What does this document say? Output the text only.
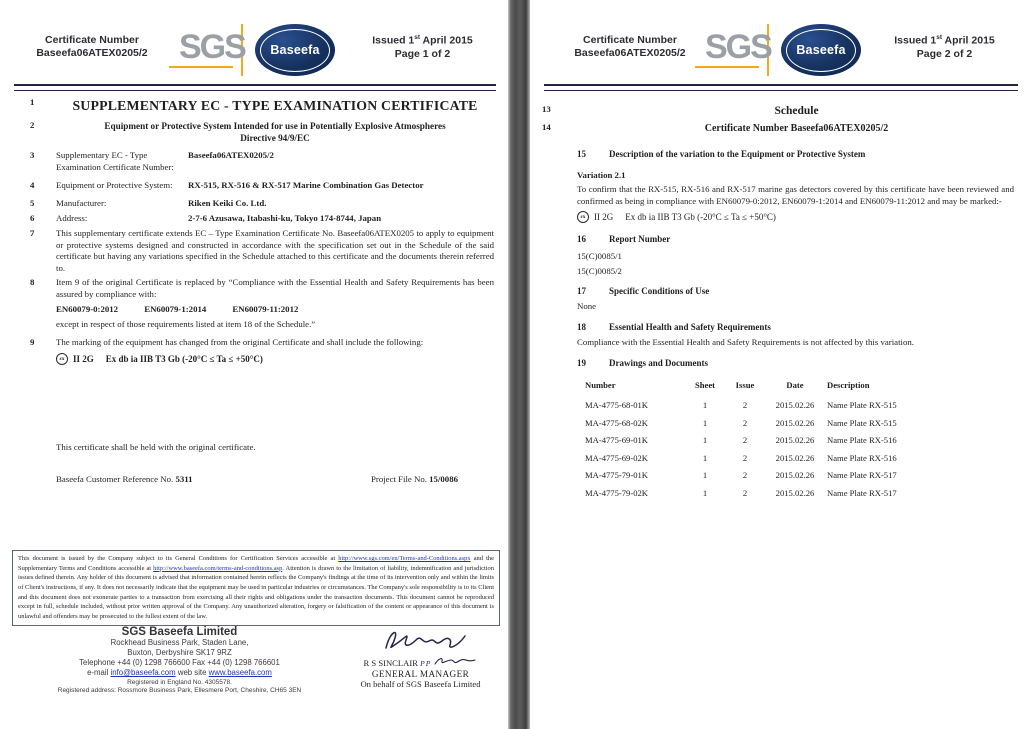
Certificate Number
Baseefa06ATEX0205/2 SGS Baseefa
Issued 1st April 2015
Page 1 of 2
1	SUPPLEMENTARY EC - TYPE EXAMINATION CERTIFICATE
2	Equipment or Protective System Intended for use in Potentially Explosive Atmospheres
Directive 94/9/EC
3	Supplementary EC - Type Examination Certificate Number:
Baseefa06ATEX0205/2
4	Equipment or Protective System:	RX-515, RX-516 & RX-517 Marine Combination Gas Detector
5	Manufacturer:	Riken Keiki Co. Ltd.
6	Address:	2-7-6 Azusawa, Itabashi-ku, Tokyo 174-8744, Japan
7	This supplementary certificate extends EC – Type Examination Certificate No. Baseefa06ATEX0205 to apply to equipment or protective systems designed and constructed in accordance with the specification set out in the Schedule of the said certificate but having any variations specified in the Schedule attached to this certificate and the documents therein referred to.
8	Item 9 of the original Certificate is replaced by “Compliance with the Essential Health and Safety Requirements has been assured by compliance with:
EN60079-0:2012	EN60079-1:2014	EN60079-11:2012
except in respect of those requirements listed at item 18 of the Schedule.”
9	The marking of the equipment has changed from the original Certificate and shall include the following:
εx II 2G Ex db ia IIB T3 Gb (-20°C ≤ Ta ≤ +50°C)
This certificate shall be held with the original certificate.
Baseefa Customer Reference No. 5311	Project File No. 15/0086
This document is issued by the Company subject to its General Conditions for Certification Services accessible at http://www.sgs.com/en/Terms-and-Conditions.aspx and the Supplementary Terms and Conditions accessible at http://www.baseefa.com/terms-and-conditions.asp. Attention is drawn to the limitation of liability, indemnification and jurisdiction issues defined therein. Any holder of this document is advised that information contained herein reflects the Company's findings at the time of its intervention only and within the limits of Client's instructions, if any. It does not necessarily indicate that the equipment may be used in particular industries or circumstances. The Company's sole responsibility is to its Client and this document does not exonerate parties to a transaction from exercising all their rights and obligations under the transaction documents. This document cannot be reproduced except in full, schedule included, without prior written approval of the Company. Any unauthorized alteration, forgery or falsification of the content or appearance of this document is unlawful and offenders may be prosecuted to the fullest extent of the law.
SGS Baseefa Limited
Rockhead Business Park, Staden Lane,
Buxton, Derbyshire SK17 9RZ
Telephone +44 (0) 1298 766600 Fax +44 (0) 1298 766601
e-mail info@baseefa.com web site www.baseefa.com
Registered in England No. 4305578.
Registered address: Rossmore Business Park, Ellesmere Port, Cheshire, CH65 3EN
R S SINCLAIR PP
GENERAL MANAGER
On behalf of SGS Baseefa Limited
Certificate Number
Baseefa06ATEX0205/2 SGS Baseefa
Issued 1st April 2015
Page 2 of 2
13	Schedule
14	Certificate Number Baseefa06ATEX0205/2
15	Description of the variation to the Equipment or Protective System
Variation 2.1
To confirm that the RX-515, RX-516 and RX-517 marine gas detectors covered by this certificate have been reviewed and confirmed as being in compliance with EN60079-0:2012, EN60079-1:2014 and EN60079-11:2012 and may be marked:-
εx II 2G Ex db ia IIB T3 Gb (-20°C ≤ Ta ≤ +50°C)
16	Report Number
15(C)0085/1
15(C)0085/2
17	Specific Conditions of Use
None
18	Essential Health and Safety Requirements
Compliance with the Essential Health and Safety Requirements is not affected by this variation.
19	Drawings and Documents
Number	Sheet	Issue	Date	Description
MA-4775-68-01K	1	2	2015.02.26	Name Plate RX-515
MA-4775-68-02K	1	2	2015.02.26	Name Plate RX-515
MA-4775-69-01K	1	2	2015.02.26	Name Plate RX-516
MA-4775-69-02K	1	2	2015.02.26	Name Plate RX-516
MA-4775-79-01K	1	2	2015.02.26	Name Plate RX-517
MA-4775-79-02K	1	2	2015.02.26	Name Plate RX-517
